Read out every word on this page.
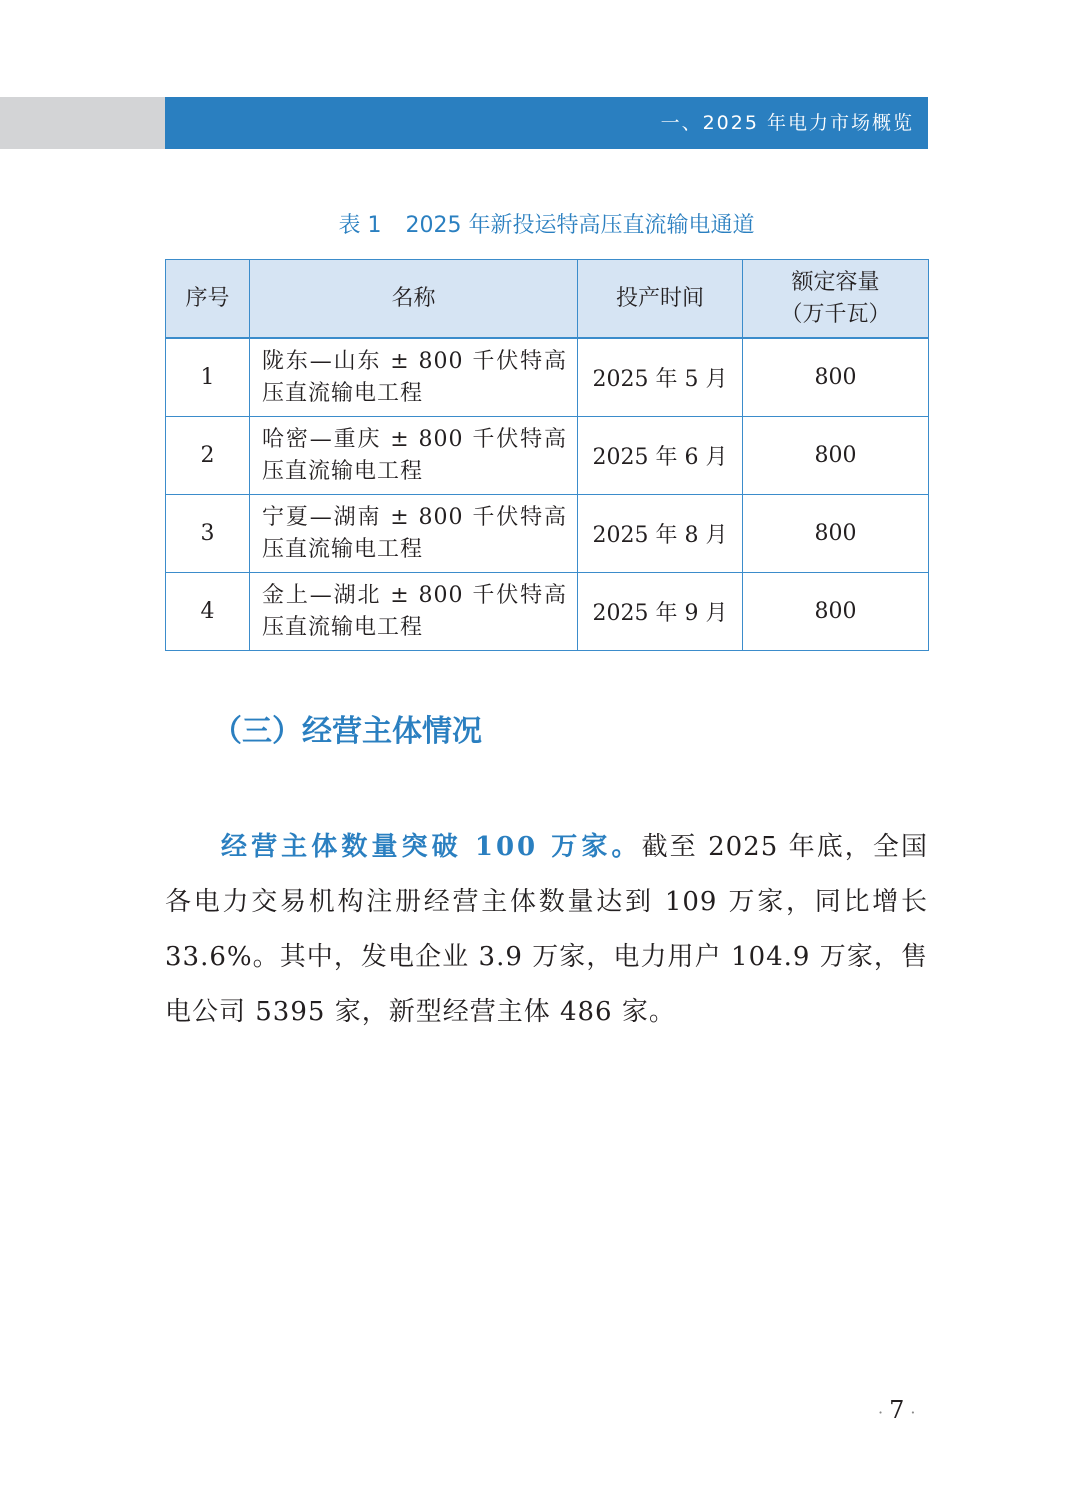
一、2025 年电力市场概览
表 1 2025 年新投运特高压直流输电通道
序号	名称	投产时间	额定容量
（万千瓦）
1	陇东—山东 ± 800 千伏特高压直流输电工程	2025 年 5 月	800
2	哈密—重庆 ± 800 千伏特高压直流输电工程	2025 年 6 月	800
3	宁夏—湖南 ± 800 千伏特高压直流输电工程	2025 年 8 月	800
4	金上—湖北 ± 800 千伏特高压直流输电工程	2025 年 9 月	800
（三）经营主体情况

经营主体数量突破 100 万家。截至 2025 年底，全国各电力交易机构注册经营主体数量达到 109 万家，同比增长 33.6%。其中，发电企业 3.9 万家，电力用户 104.9 万家，售电公司 5395 家，新型经营主体 486 家。

· 7 ·
